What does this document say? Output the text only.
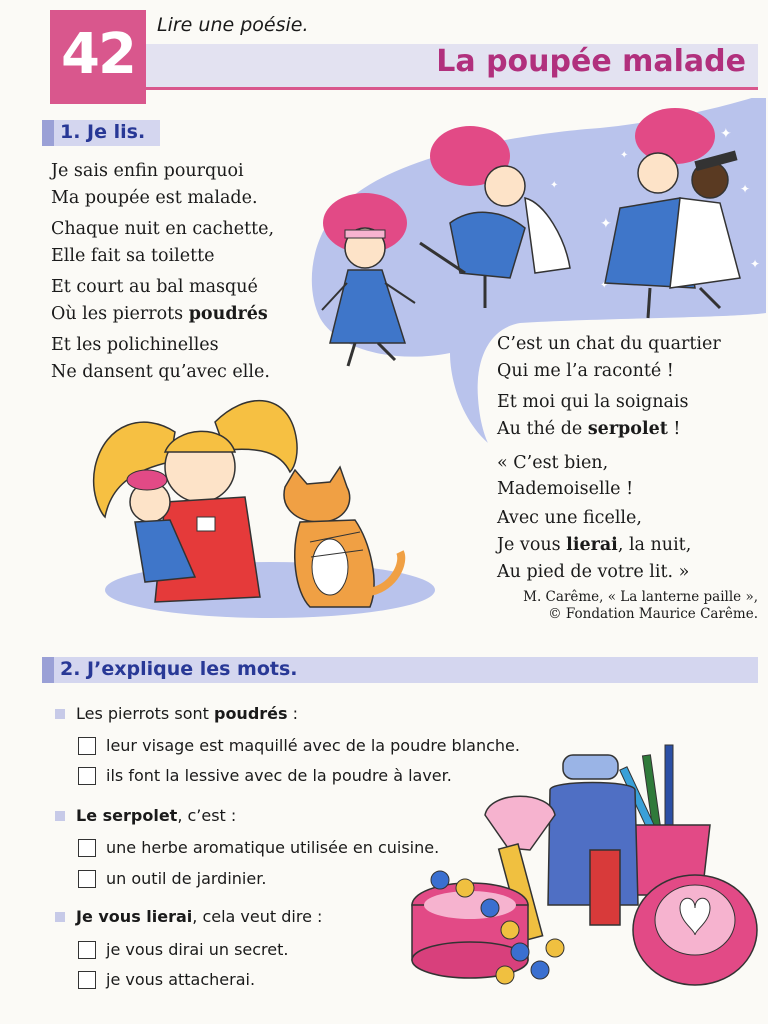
42	Lire une poésie.
La poupée malade
1. Je lis.
✦
✦
✦
✦
✦
✦
✦
Je sais enfin pourquoi
Ma poupée est malade.
Chaque nuit en cachette,
Elle fait sa toilette
Et court au bal masqué
Où les pierrots poudrés
Et les polichinelles
Ne dansent qu’avec elle.
C’est un chat du quartier
Qui me l’a raconté !
Et moi qui la soignais
Au thé de serpolet !
« C’est bien,
Mademoiselle !
Avec une ficelle,
Je vous lierai, la nuit,
Au pied de votre lit. »
M. Carême, « La lanterne paille »,
© Fondation Maurice Carême.
2. J’explique les mots.
Les pierrots sont poudrés :
leur visage est maquillé avec de la poudre blanche.
ils font la lessive avec de la poudre à laver.
Le serpolet, c’est :
une herbe aromatique utilisée en cuisine.
un outil de jardinier.
Je vous lierai, cela veut dire :
je vous dirai un secret.
je vous attacherai.
